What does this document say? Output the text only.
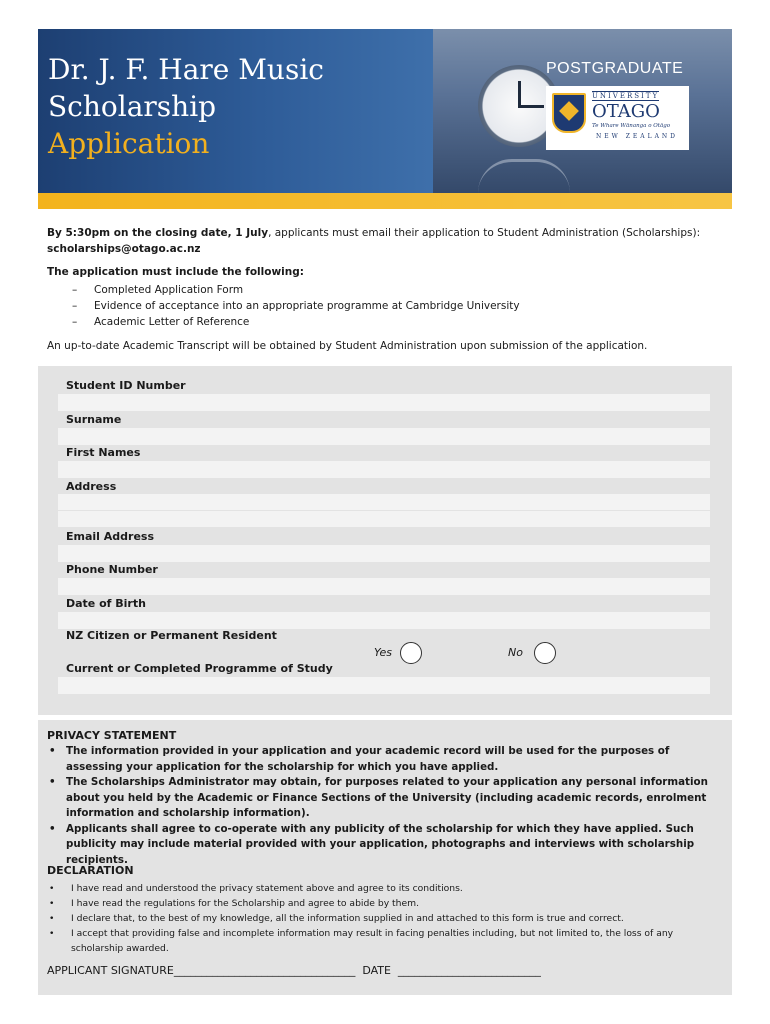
Dr. J. F. Hare Music
Scholarship
Application
POSTGRADUATE
UNIVERSITY
OTAGO
Te Whare Wānanga o Otāgo
NEW ZEALAND
By 5:30pm on the closing date, 1 July, applicants must email their application to Student Administration (Scholarships):
scholarships@otago.ac.nz
The application must include the following:
– Completed Application Form
– Evidence of acceptance into an appropriate programme at Cambridge University
– Academic Letter of Reference
An up-to-date Academic Transcript will be obtained by Student Administration upon submission of the application.
Student ID Number
Surname
First Names
Address
Email Address
Phone Number
Date of Birth
NZ Citizen or Permanent Resident
Yes	No
Current or Completed Programme of Study
PRIVACY STATEMENT
• The information provided in your application and your academic record will be used for the purposes of assessing your application for the scholarship for which you have applied.
• The Scholarships Administrator may obtain, for purposes related to your application any personal information about you held by the Academic or Finance Sections of the University (including academic records, enrolment information and scholarship information).
• Applicants shall agree to co-operate with any publicity of the scholarship for which they have applied. Such publicity may include material provided with your application, photographs and interviews with scholarship recipients.
DECLARATION
• I have read and understood the privacy statement above and agree to its conditions.
• I have read the regulations for the Scholarship and agree to abide by them.
• I declare that, to the best of my knowledge, all the information supplied in and attached to this form is true and correct.
• I accept that providing false and incomplete information may result in facing penalties including, but not limited to, the loss of any scholarship awarded.
APPLICANT SIGNATURE_________________________________  DATE  __________________________
